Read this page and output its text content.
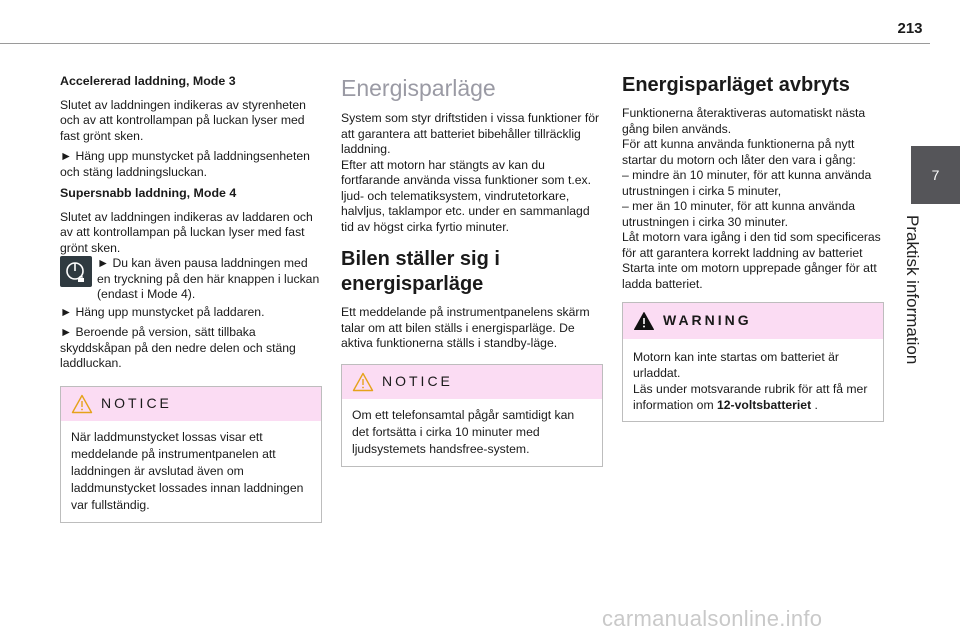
213
7
Praktisk information
Accelererad laddning, Mode 3

Slutet av laddningen indikeras av styrenheten och av att kontrollampan på luckan lyser med fast grönt sken.

► Häng upp munstycket på laddningsenheten och stäng laddningsluckan.

Supersnabb laddning, Mode 4

Slutet av laddningen indikeras av laddaren och av att kontrollampan på luckan lyser med fast grönt sken.

► Du kan även pausa laddningen med en tryckning på den här knappen i luckan (endast i Mode 4).

► Häng upp munstycket på laddaren.

► Beroende på version, sätt tillbaka skyddskåpan på den nedre delen och stäng laddluckan.

NOTICE

När laddmunstycket lossas visar ett meddelande på instrumentpanelen att laddningen är avslutad även om laddmunstycket lossades innan laddningen var fullständig.

Energisparläge

System som styr driftstiden i vissa funktioner för att garantera att batteriet bibehåller tillräcklig laddning.

Efter att motorn har stängts av kan du fortfarande använda vissa funktioner som t.ex. ljud- och telematiksystem, vindrutetorkare, halvljus, taklampor etc. under en sammanlagd tid av högst cirka fyrtio minuter.

Bilen ställer sig i energisparläge

Ett meddelande på instrumentpanelens skärm talar om att bilen ställs i energisparläge. De aktiva funktionerna ställs i standby-läge.

NOTICE

Om ett telefonsamtal pågår samtidigt kan det fortsätta i cirka 10 minuter med ljudsystemets handsfree-system.

Energisparläget avbryts

Funktionerna återaktiveras automatiskt nästa gång bilen används.

För att kunna använda funktionerna på nytt startar du motorn och låter den vara i gång:

– mindre än 10 minuter, för att kunna använda utrustningen i cirka 5 minuter,

– mer än 10 minuter, för att kunna använda utrustningen i cirka 30 minuter.

Låt motorn vara igång i den tid som specificeras för att garantera korrekt laddning av batteriet

Starta inte om motorn upprepade gånger för att ladda batteriet.

WARNING

Motorn kan inte startas om batteriet är urladdat.

Läs under motsvarande rubrik för att få mer information om 12-voltsbatteriet .

carmanualsonline.info
